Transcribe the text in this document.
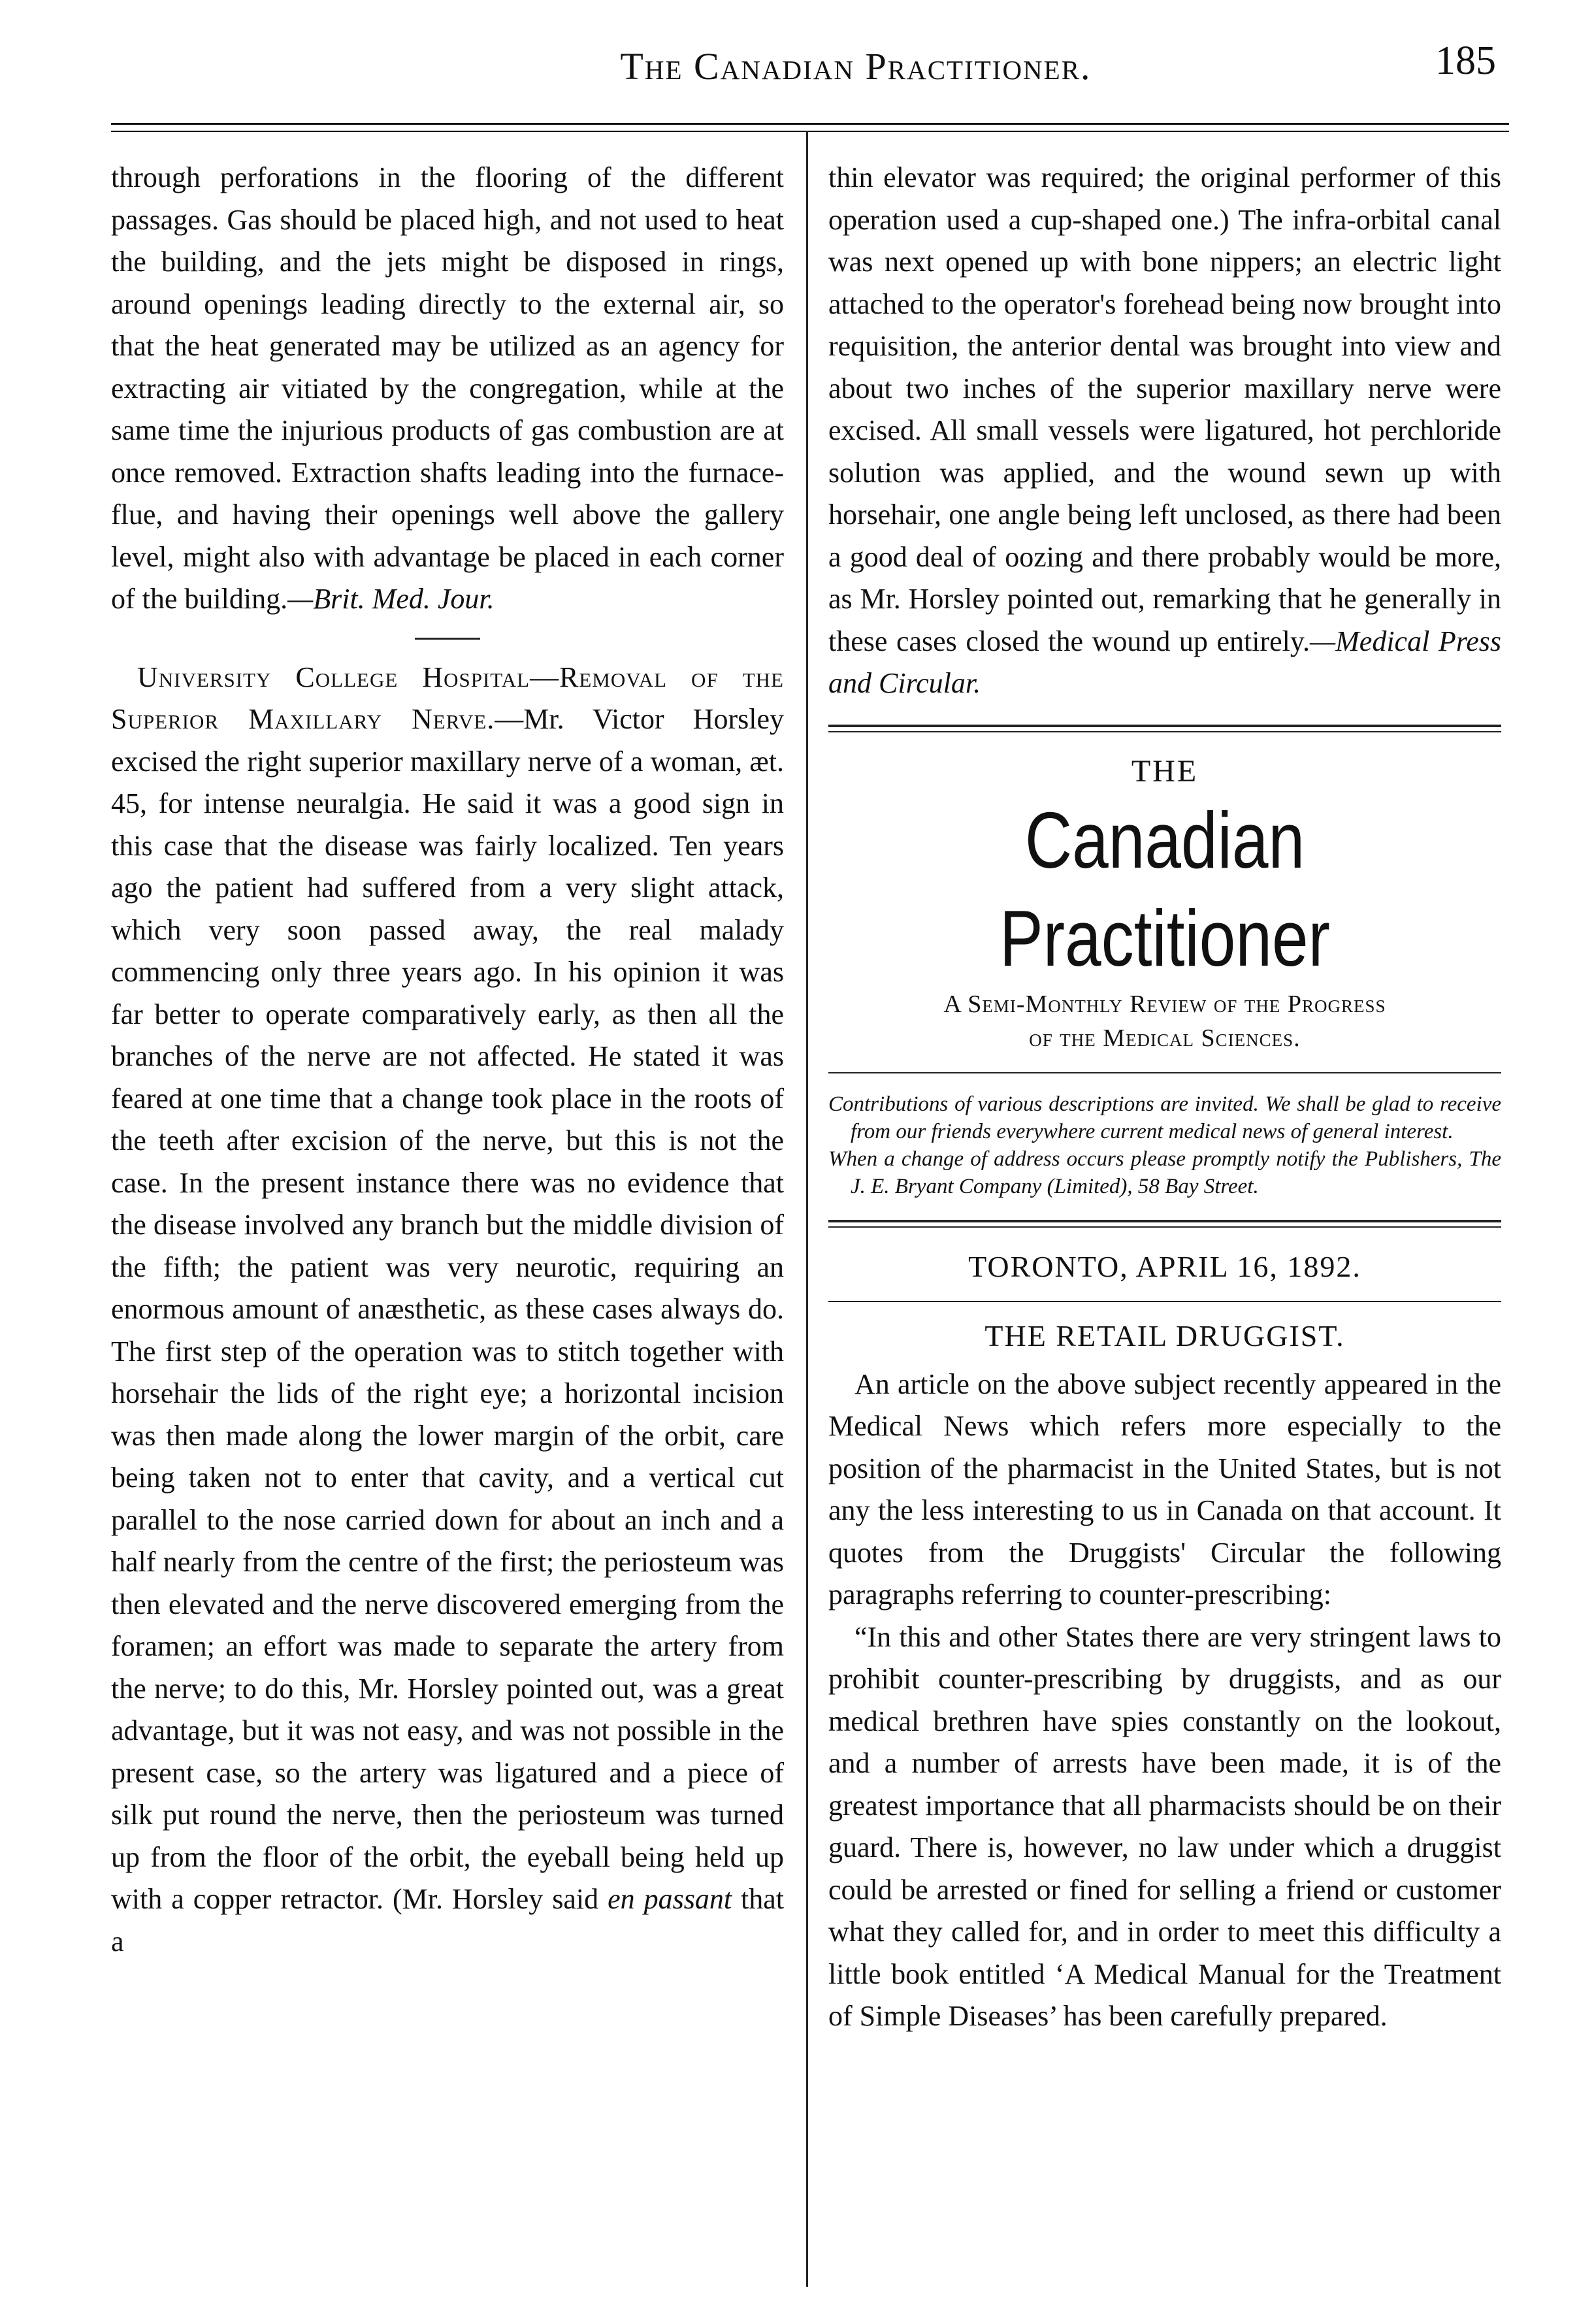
The Canadian Practitioner.	185

through perforations in the flooring of the different passages. Gas should be placed high, and not used to heat the building, and the jets might be disposed in rings, around openings leading directly to the external air, so that the heat generated may be utilized as an agency for extracting air vitiated by the congregation, while at the same time the injurious products of gas combustion are at once removed. Extraction shafts leading into the furnace-flue, and having their openings well above the gallery level, might also with advantage be placed in each corner of the building.—Brit. Med. Jour.

University College Hospital—Removal of the Superior Maxillary Nerve.—Mr. Victor Horsley excised the right superior maxillary nerve of a woman, æt. 45, for intense neuralgia. He said it was a good sign in this case that the disease was fairly localized. Ten years ago the patient had suffered from a very slight attack, which very soon passed away, the real malady commencing only three years ago. In his opinion it was far better to operate comparatively early, as then all the branches of the nerve are not affected. He stated it was feared at one time that a change took place in the roots of the teeth after excision of the nerve, but this is not the case. In the present instance there was no evidence that the disease involved any branch but the middle division of the fifth; the patient was very neurotic, requiring an enormous amount of anæsthetic, as these cases always do. The first step of the operation was to stitch together with horsehair the lids of the right eye; a horizontal incision was then made along the lower margin of the orbit, care being taken not to enter that cavity, and a vertical cut parallel to the nose carried down for about an inch and a half nearly from the centre of the first; the periosteum was then elevated and the nerve discovered emerging from the foramen; an effort was made to separate the artery from the nerve; to do this, Mr. Horsley pointed out, was a great advantage, but it was not easy, and was not possible in the present case, so the artery was ligatured and a piece of silk put round the nerve, then the periosteum was turned up from the floor of the orbit, the eyeball being held up with a copper retractor. (Mr. Horsley said en passant that a

thin elevator was required; the original performer of this operation used a cup-shaped one.) The infra-orbital canal was next opened up with bone nippers; an electric light attached to the operator's forehead being now brought into requisition, the anterior dental was brought into view and about two inches of the superior maxillary nerve were excised. All small vessels were ligatured, hot perchloride solution was applied, and the wound sewn up with horsehair, one angle being left unclosed, as there had been a good deal of oozing and there probably would be more, as Mr. Horsley pointed out, remarking that he generally in these cases closed the wound up entirely.—Medical Press and Circular.

THE
Canadian Practitioner
A Semi-Monthly Review of the Progress
of the Medical Sciences.

Contributions of various descriptions are invited. We shall be glad to receive from our friends everywhere current medical news of general interest.

When a change of address occurs please promptly notify the Publishers, The J. E. Bryant Company (Limited), 58 Bay Street.

TORONTO, APRIL 16, 1892.
THE RETAIL DRUGGIST.

An article on the above subject recently appeared in the Medical News which refers more especially to the position of the pharmacist in the United States, but is not any the less interesting to us in Canada on that account. It quotes from the Druggists' Circular the following paragraphs referring to counter-prescribing:

“In this and other States there are very stringent laws to prohibit counter-prescribing by druggists, and as our medical brethren have spies constantly on the lookout, and a number of arrests have been made, it is of the greatest importance that all pharmacists should be on their guard. There is, however, no law under which a druggist could be arrested or fined for selling a friend or customer what they called for, and in order to meet this difficulty a little book entitled ‘A Medical Manual for the Treatment of Simple Diseases’ has been carefully prepared.
